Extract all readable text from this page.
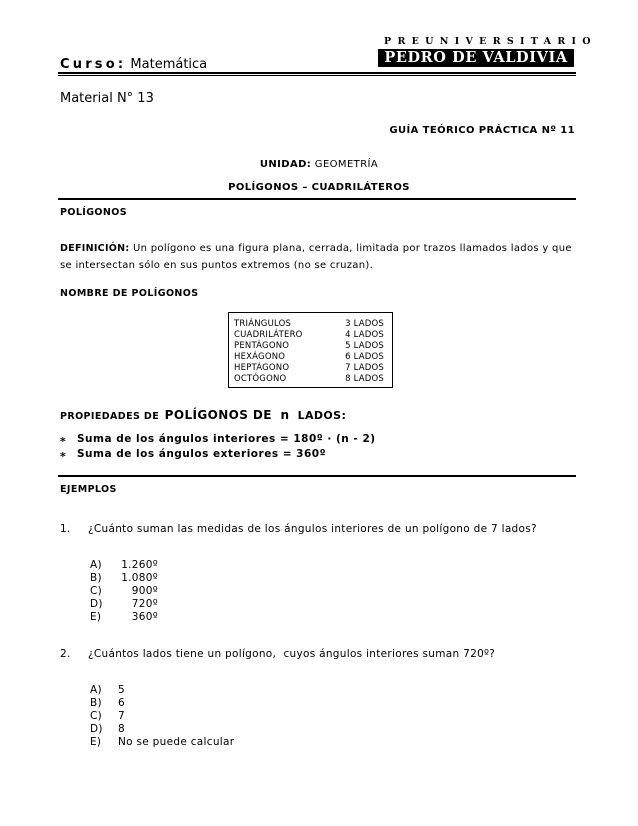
PREUNIVERSITARIO
PEDRO DE VALDIVIA
Curso: Matemática
Material N° 13
GUÍA TEÓRICO PRÁCTICA Nº 11
UNIDAD: GEOMETRÍA
POLÍGONOS – CUADRILÁTEROS
POLÍGONOS
DEFINICIÓN: Un polígono es una figura plana, cerrada, limitada por trazos llamados lados y que
se intersectan sólo en sus puntos extremos (no se cruzan).
NOMBRE DE POLÍGONOS
TRIÁNGULOS	3 LADOS
CUADRILÁTERO	4 LADOS
PENTÁGONO	5 LADOS
HEXÁGONO	6 LADOS
HEPTÁGONO	7 LADOS
OCTÓGONO	8 LADOS
PROPIEDADES DE POLÍGONOS DE n LADOS:
⁎ Suma de los ángulos interiores = 180º · (n - 2)
⁎ Suma de los ángulos exteriores = 360º
EJEMPLOS
1. ¿Cuánto suman las medidas de los ángulos interiores de un polígono de 7 lados?
A) 1.260º
B) 1.080º
C)	900º
D)	720º
E)	360º
2. ¿Cuántos lados tiene un polígono,  cuyos ángulos interiores suman 720º?
A) 5
B) 6
C) 7
D) 8
E) No se puede calcular
